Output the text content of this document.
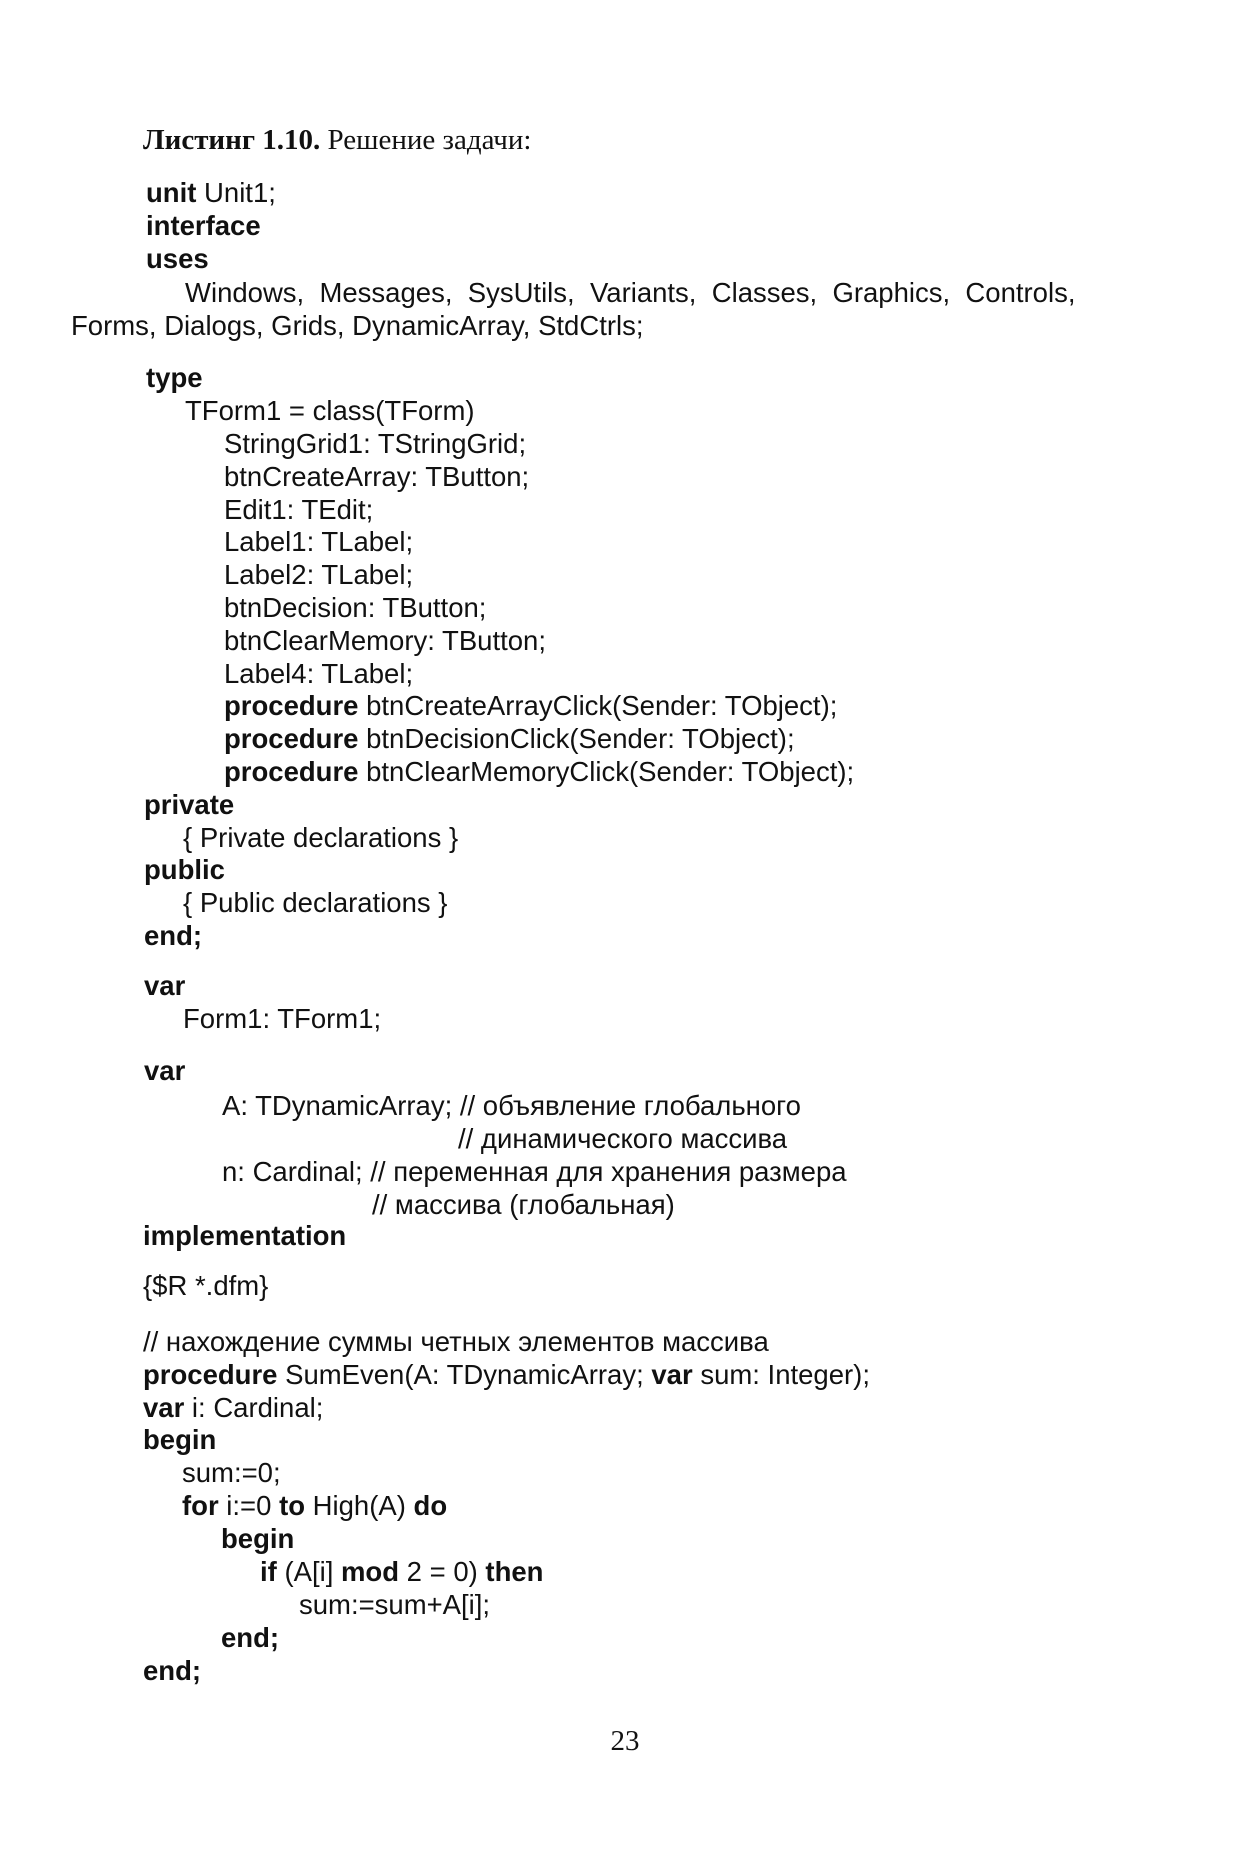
Листинг 1.10. Решение задачи:
unit Unit1;
interface
uses
Windows,  Messages,  SysUtils,  Variants,  Classes,  Graphics,  Controls,
Forms, Dialogs, Grids, DynamicArray, StdCtrls;
type
TForm1 = class(TForm)
StringGrid1: TStringGrid;
btnCreateArray: TButton;
Edit1: TEdit;
Label1: TLabel;
Label2: TLabel;
btnDecision: TButton;
btnClearMemory: TButton;
Label4: TLabel;
procedure btnCreateArrayClick(Sender: TObject);
procedure btnDecisionClick(Sender: TObject);
procedure btnClearMemoryClick(Sender: TObject);
private
{ Private declarations }
public
{ Public declarations }
end;
var
Form1: TForm1;
var
A: TDynamicArray; // объявление глобального
// динамического массива
n: Cardinal; // переменная для хранения размера
// массива (глобальная)
implementation
{$R *.dfm}
// нахождение суммы четных элементов массива
procedure SumEven(A: TDynamicArray; var sum: Integer);
var i: Cardinal;
begin
sum:=0;
for i:=0 to High(A) do
begin
if (A[i] mod 2 = 0) then
sum:=sum+A[i];
end;
end;
23
